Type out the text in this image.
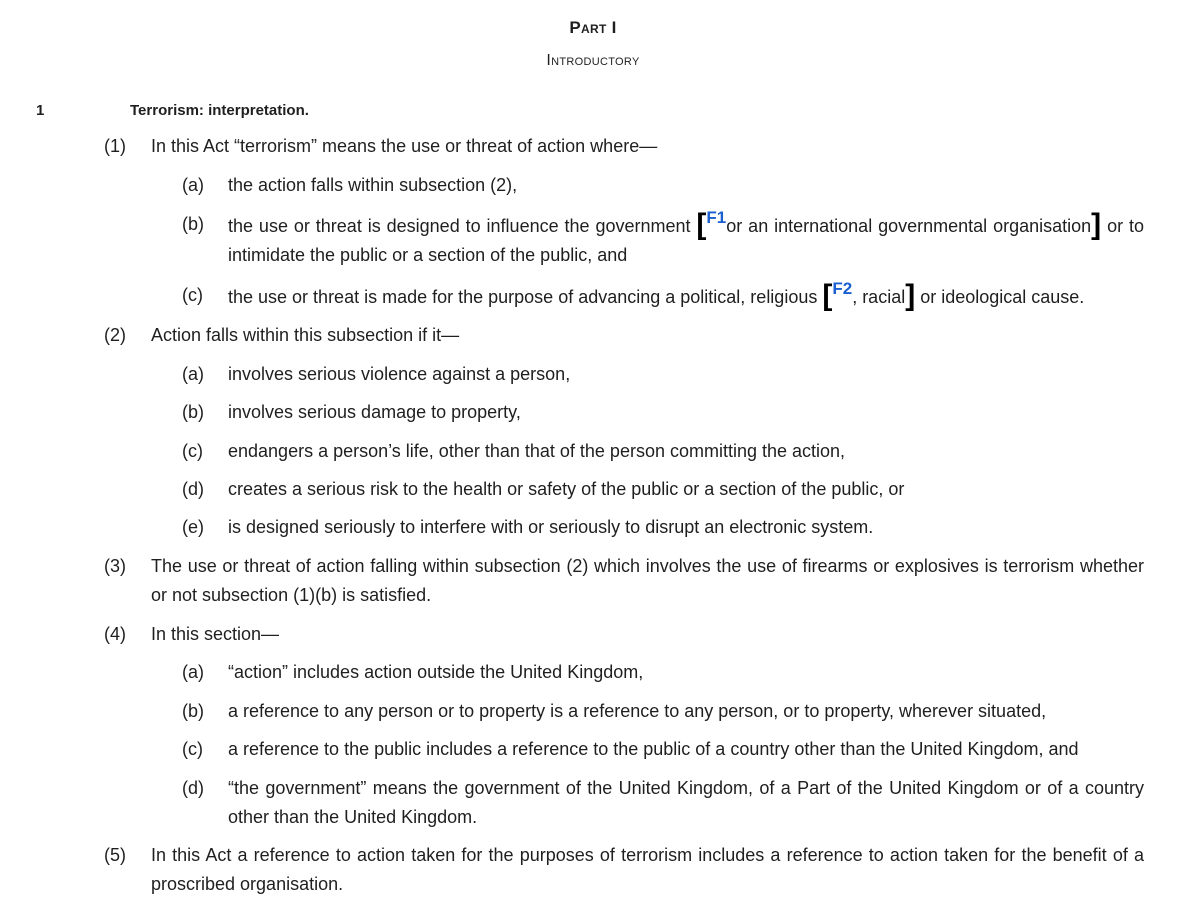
Part I
Introductory
1	Terrorism: interpretation.
(1) In this Act “terrorism” means the use or threat of action where—
(a) the action falls within subsection (2),
(b) the use or threat is designed to influence the government [F1or an international governmental organisation] or to intimidate the public or a section of the public, and
(c) the use or threat is made for the purpose of advancing a political, religious [F2, racial] or ideological cause.
(2) Action falls within this subsection if it—
(a) involves serious violence against a person,
(b) involves serious damage to property,
(c) endangers a person’s life, other than that of the person committing the action,
(d) creates a serious risk to the health or safety of the public or a section of the public, or
(e) is designed seriously to interfere with or seriously to disrupt an electronic system.
(3) The use or threat of action falling within subsection (2) which involves the use of firearms or explosives is terrorism whether or not subsection (1)(b) is satisfied.
(4) In this section—
(a) “action” includes action outside the United Kingdom,
(b) a reference to any person or to property is a reference to any person, or to property, wherever situated,
(c) a reference to the public includes a reference to the public of a country other than the United Kingdom, and
(d) “the government” means the government of the United Kingdom, of a Part of the United Kingdom or of a country other than the United Kingdom.
(5) In this Act a reference to action taken for the purposes of terrorism includes a reference to action taken for the benefit of a proscribed organisation.
